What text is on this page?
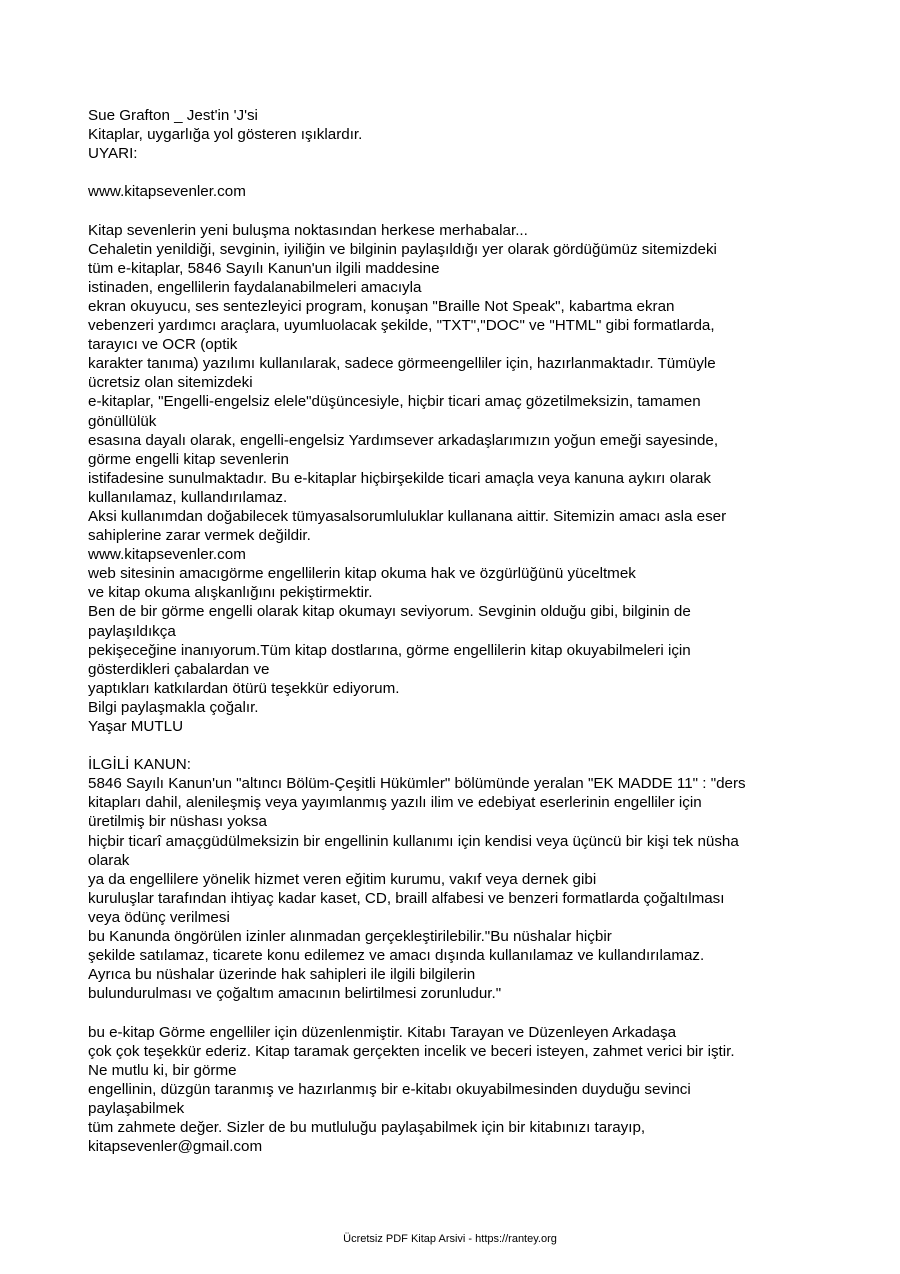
Sue Grafton _ Jest'in 'J'si
Kitaplar, uygarlığa yol gösteren ışıklardır.
UYARI:
www.kitapsevenler.com
Kitap sevenlerin yeni buluşma noktasından herkese merhabalar...
Cehaletin yenildiği, sevginin, iyiliğin ve bilginin paylaşıldığı yer olarak gördüğümüz sitemizdeki
tüm e-kitaplar, 5846 Sayılı Kanun'un ilgili maddesine
istinaden, engellilerin faydalanabilmeleri amacıyla
ekran okuyucu, ses sentezleyici program, konuşan "Braille Not Speak", kabartma ekran
vebenzeri yardımcı araçlara, uyumluolacak şekilde, "TXT","DOC" ve "HTML" gibi formatlarda,
tarayıcı ve OCR (optik
karakter tanıma) yazılımı kullanılarak, sadece görmeengelliler için, hazırlanmaktadır. Tümüyle
ücretsiz olan sitemizdeki
e-kitaplar, "Engelli-engelsiz elele"düşüncesiyle, hiçbir ticari amaç gözetilmeksizin, tamamen
gönüllülük
esasına dayalı olarak, engelli-engelsiz Yardımsever arkadaşlarımızın yoğun emeği sayesinde,
görme engelli kitap sevenlerin
istifadesine sunulmaktadır. Bu e-kitaplar hiçbirşekilde ticari amaçla veya kanuna aykırı olarak
kullanılamaz, kullandırılamaz.
Aksi kullanımdan doğabilecek tümyasalsorumluluklar kullanana aittir. Sitemizin amacı asla eser
sahiplerine zarar vermek değildir.
www.kitapsevenler.com
web sitesinin amacıgörme engellilerin kitap okuma hak ve özgürlüğünü yüceltmek
ve kitap okuma alışkanlığını pekiştirmektir.
Ben de bir görme engelli olarak kitap okumayı seviyorum. Sevginin olduğu gibi, bilginin de
paylaşıldıkça
pekişeceğine inanıyorum.Tüm kitap dostlarına, görme engellilerin kitap okuyabilmeleri için
gösterdikleri çabalardan ve
yaptıkları katkılardan ötürü teşekkür ediyorum.
Bilgi paylaşmakla çoğalır.
Yaşar MUTLU
İLGİLİ KANUN:
5846 Sayılı Kanun'un "altıncı Bölüm-Çeşitli Hükümler" bölümünde yeralan "EK MADDE 11" : "ders
kitapları dahil, alenileşmiş veya yayımlanmış yazılı ilim ve edebiyat eserlerinin engelliler için
üretilmiş bir nüshası yoksa
hiçbir ticarî amaçgüdülmeksizin bir engellinin kullanımı için kendisi veya üçüncü bir kişi tek nüsha
olarak
ya da engellilere yönelik hizmet veren eğitim kurumu, vakıf veya dernek gibi
kuruluşlar tarafından ihtiyaç kadar kaset, CD, braill alfabesi ve benzeri formatlarda çoğaltılması
veya ödünç verilmesi
bu Kanunda öngörülen izinler alınmadan gerçekleştirilebilir."Bu nüshalar hiçbir
şekilde satılamaz, ticarete konu edilemez ve amacı dışında kullanılamaz ve kullandırılamaz.
Ayrıca bu nüshalar üzerinde hak sahipleri ile ilgili bilgilerin
bulundurulması ve çoğaltım amacının belirtilmesi zorunludur."
bu e-kitap Görme engelliler için düzenlenmiştir. Kitabı Tarayan ve Düzenleyen Arkadaşa
çok çok teşekkür ederiz. Kitap taramak gerçekten incelik ve beceri isteyen, zahmet verici bir iştir.
Ne mutlu ki, bir görme
engellinin, düzgün taranmış ve hazırlanmış bir e-kitabı okuyabilmesinden duyduğu sevinci
paylaşabilmek
tüm zahmete değer. Sizler de bu mutluluğu paylaşabilmek için bir kitabınızı tarayıp,
kitapsevenler@gmail.com
Ücretsiz PDF Kitap Arsivi - https://rantey.org
